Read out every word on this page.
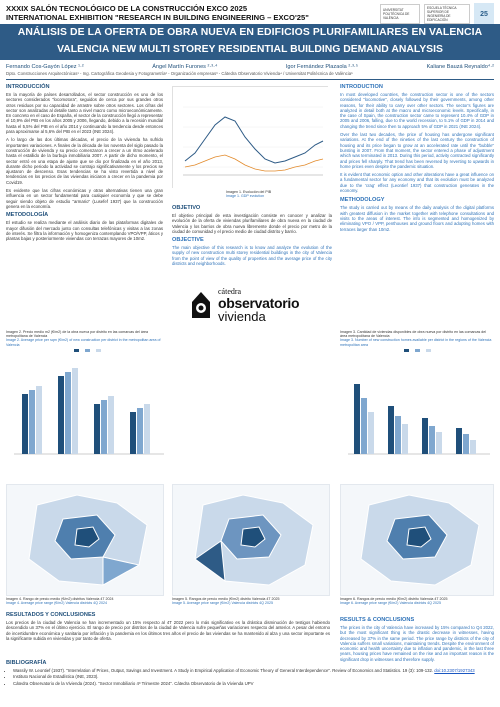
XXXIX SALÓN TECNOLÓGICO DE LA CONSTRUCCIÓN EXCO 2025
INTERNATIONAL EXHIBITION "RESEARCH IN BUILDING ENGINEERING – EXCO'25"
UNIVERSITAT POLITÈCNICA DE VALÈNCIA
ESCUELA TÉCNICA SUPERIOR DE INGENIERÍA DE EDIFICACIÓN
25
ANÁLISIS DE LA OFERTA DE OBRA NUEVA EN EDIFICIOS PLURIFAMILIARES EN VALENCIA
VALENCIA NEW MULTI STOREY RESIDENTIAL BUILDING DEMAND ANALYSIS
Fernando Cos-Gayón López ¹·²	Ángel Martín Furones ²·³·⁴	Igor Fernández Plazaola ²·³·⁵	Kaliane Bauzá Reynaldo⁴·²
Dpto. Construcciones Arquitectónicas¹ - Ing. Cartográfica Geodesia y Fotogrametría² - Organización empresas³ - Cátedra Observatorio Vivienda⁴ / Universitat Politècnica de València⁵
INTRODUCCIÓN
En la mayoría de países desarrollados, el sector construcción es uno de los sectores considerados "locomotora", seguidos de cerca por sus grandes otros otros residuos por su capacidad de arrastre sobre otros sectores. Los cifras del sector son analizadas al detalle tanto a nivel macro como microeconómicamente. En concreto en el caso de España, el sector de la construcción llegó a representar el 10,9% del PIB en los años 2005 y 2006, llegando, debido a la recesión mundial hasta el 5,5% del PIB en el año 2014 y continuando la tendencia desde entonces para aproximarse al 5,6% del PIB en el 2023 (INE 2024).
A lo largo de las dos últimas décadas, el precio de la vivienda ha sufrido importantes variaciones. A finales de la década de los noventa del siglo pasado la construcción de vivienda y su precio comenzaron a crecer a un ritmo acelerado hasta el estallido de la burbuja inmobiliaria 2007. A partir de dicho momento, el sector entró en una etapa de ajuste que se dio por finalizada en el año 2013, durante dicho periodo la actividad se contrajo significativamente y los precios se ajustaron de descenso. Esas tendencias se ha visto revertida a nivel de tendencias en los precios de las viviendas iniciaron a crecer en la pandemia por Covid19.
Es evidente que las cifras económicas y otras alternativas tienen una gran influencia en un sector fundamental para cualquier economía y que se debe seguir siendo objeto de estudio "armario" (Lusefef 1937) que la construcción genera en la economía.
METODOLOGÍA
El estudio se realiza mediante el análisis diario de las plataformas digitales de mayor difusión del mercado junto con consultas telefónicas y visitas a las zonas de interés. Se filtra la información y homogeniza contemplando VPO/VPP, áticos y plantas bajas y posteriormente viviendas con terrazas mayores de 10m2.
Imagen 1. Evolución del PIB
Image 1. GDP evolution
OBJETIVO
El objetivo principal de esta investigación consiste en conocer y analizar la evolución de la oferta de viviendas plurifamiliares de obra nueva en la ciudad de Valencia y los barrios de obra nueva libremente donde el precio por metro de la ciudad de comunidad y el precio medio de ciudad distrito y barrio.
OBJECTIVE
The main objective of this research is to know and analyze the evolution of the supply of new construction multi storey residential buildings in the city of Valencia from the point of view of the quality of properties and the average price of the city districts and neighborhoods.
INTRODUCTION
In most developed countries, the construction sector is one of the sectors considered "locomotive", closely followed by their governments, among other reasons, for their ability to carry over other sectors. The sector's figures are analyzed in detail both at the macro and microeconomic levels. Specifically, in the case of Spain, the construction sector came to represent 10.4% of GDP in 2005 and 2006, falling, due to the world recession, to 5.1% of GDP in 2014 and changing the trend since then to approach 5% of GDP in 2021 (INE 2024).
Over the last two decades, the price of housing has undergone significant variations. At the end of the nineties of the last century the construction of housing and its price began to grow at an accelerated rate until the "bubble" bursting in 2007. From that moment, the sector entered a phase of adjustment which was terminated in 2013. During this period, activity contracted significantly and prices fell sharply. That trend has been reversed by reverting to upwards in home prices even despite the pandemic situation.
It is evident that economic option and other alterations have a great influence on a fundamental sector for any economy and that its evolution must be analyzed due to the 'crag' effect (Leontief 1937) that construction generates in the economy.
METHODOLOGY
The study is carried out by means of the daily analysis of the digital platforms with greatest diffusion in the market together with telephone consultations and visits to the areas of interest. The info is segmented and homogenized by eliminating VPO / VPP, penthouses and ground floors and adopting homes with terraces larger than 10m2.
cátedra
observatorio
vivienda
Imagen 2. Precio medio m2 (€/m2) de la obra nueva por distrito en las comarcas del área metropolitana de Valencia
Image 2. Average price per sqm (€/m2) of new construction per district in the metropolitan area of Valencia
Imagen 3. Cantidad de viviendas disponibles de obra nueva por distrito en las comarcas del área metropolitana de Valencia
Image 3. Number of new construction homes available per district in the regions of the Valencia metropolitan area
Imagen 4. Rango de precio medio (€/m2) distritos Valencia 4T 2024
Image 4. Average price range (€/m2) Valencia districts 4Q 2024
Imagen 5. Rangos de precio medio (€/m2) distrito Valencia 4T 2025
Image 5. Average price range (€/m2) Valencia districts 4Q 2025
Imagen 6. Rangos de precio medio (€/m2) distrito Valencia 4T 2025
Image 6. Average price range (€/m2) Valencia districts 4Q 2025
RESULTADOS Y CONCLUSIONES
Los precios de la ciudad de Valencia se han incrementado un 15% respecto al 4T 2022 pero lo más significativo es la drástica disminución de testigos habiendo descendido un 37% en el último ejercicio. El rango de precio por distritos de la ciudad de Valencia sufre pequeñas variaciones respecto del anterior. A pesar del entorno de incertidumbre económica y sanitaria por inflación y la pandemia en los últimos tres años el precio de las viviendas se ha mantenido al alza y una sector importante es la significante subida en viviendas y por tanto de oferta.
RESULTS & CONCLUSIONS
The prices in the city of Valencia have increased by 15% compared to Q4 2022, but the most significant thing is the drastic decrease in witnesses, having decreased by 37% in the same period. The price range by districts of the city of Valencia suffers small variations, maintaining trends. Despite the environment of economic and health uncertainty due to inflation and pandemic, in the last three years, housing prices have remained on the rise and an important reason is the significant drop in witnesses and therefore supply.
BIBLIOGRAFÍA
• Wassily W. Leontief (1937). "Interrelation of Prices, Output, Savings and Investment. A Study in Empirical Application of Economic Theory of General Interdependence". Review of Economics and Statistics. 19 (3): 109-132. doi:10.2307/1927343
• Instituto Nacional de Estadística (INE, 2023).
• Cátedra Observatorio de la Vivienda (2024). "Sector Inmobiliario 4º Trimestre 2024". Cátedra Observatorio de la Vivienda UPV
